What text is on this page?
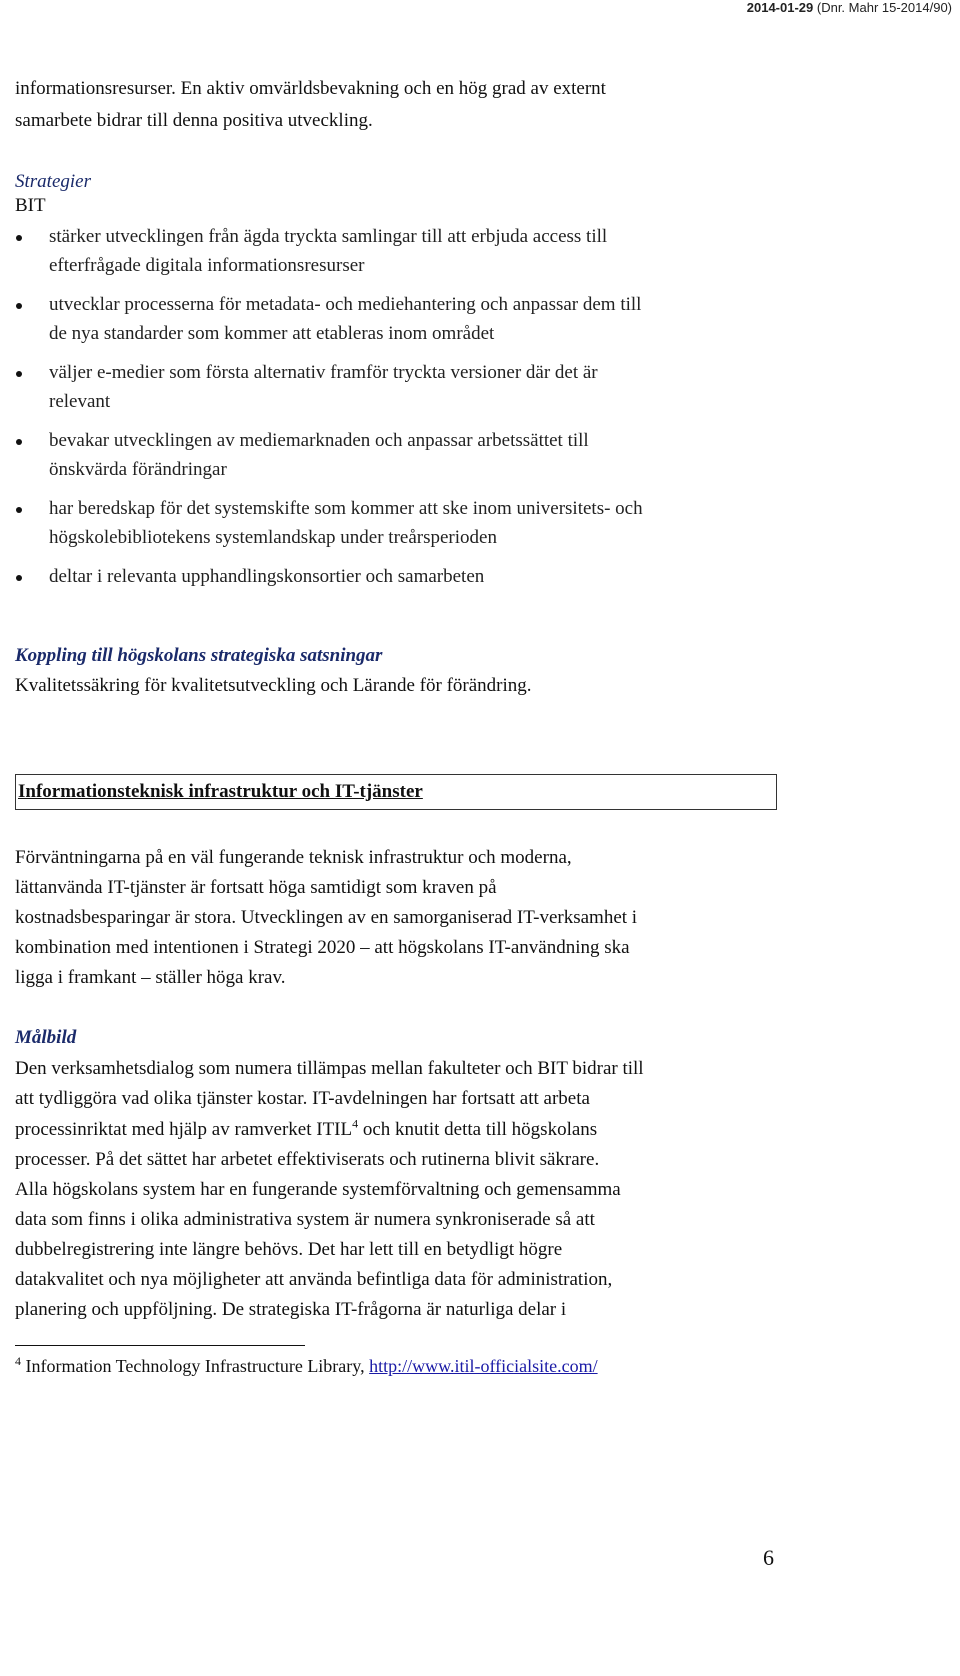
2014-01-29 (Dnr. Mahr 15-2014/90)
informationsresurser. En aktiv omvärldsbevakning och en hög grad av externt
samarbete bidrar till denna positiva utveckling.
Strategier
BIT
stärker utvecklingen från ägda tryckta samlingar till att erbjuda access till
efterfrågade digitala informationsresurser
utvecklar processerna för metadata- och mediehantering och anpassar dem till
de nya standarder som kommer att etableras inom området
väljer e-medier som första alternativ framför tryckta versioner där det är
relevant
bevakar utvecklingen av mediemarknaden och anpassar arbetssättet till
önskvärda förändringar
har beredskap för det systemskifte som kommer att ske inom universitets- och
högskolebibliotekens systemlandskap under treårsperioden
deltar i relevanta upphandlingskonsortier och samarbeten
Koppling till högskolans strategiska satsningar
Kvalitetssäkring för kvalitetsutveckling och Lärande för förändring.
Informationsteknisk infrastruktur och IT-tjänster
Förväntningarna på en väl fungerande teknisk infrastruktur och moderna,
lättanvända IT-tjänster är fortsatt höga samtidigt som kraven på
kostnadsbesparingar är stora. Utvecklingen av en samorganiserad IT-verksamhet i
kombination med intentionen i Strategi 2020 – att högskolans IT-användning ska
ligga i framkant – ställer höga krav.
Målbild
Den verksamhetsdialog som numera tillämpas mellan fakulteter och BIT bidrar till
att tydliggöra vad olika tjänster kostar. IT-avdelningen har fortsatt att arbeta
processinriktat med hjälp av ramverket ITIL$^4$ och knutit detta till högskolans
processer. På det sättet har arbetet effektiviserats och rutinerna blivit säkrare.
Alla högskolans system har en fungerande systemförvaltning och gemensamma
data som finns i olika administrativa system är numera synkroniserade så att
dubbelregistrering inte längre behövs. Det har lett till en betydligt högre
datakvalitet och nya möjligheter att använda befintliga data för administration,
planering och uppföljning. De strategiska IT-frågorna är naturliga delar i
$^4$ Information Technology Infrastructure Library, http://www.itil-officialsite.com/
6
